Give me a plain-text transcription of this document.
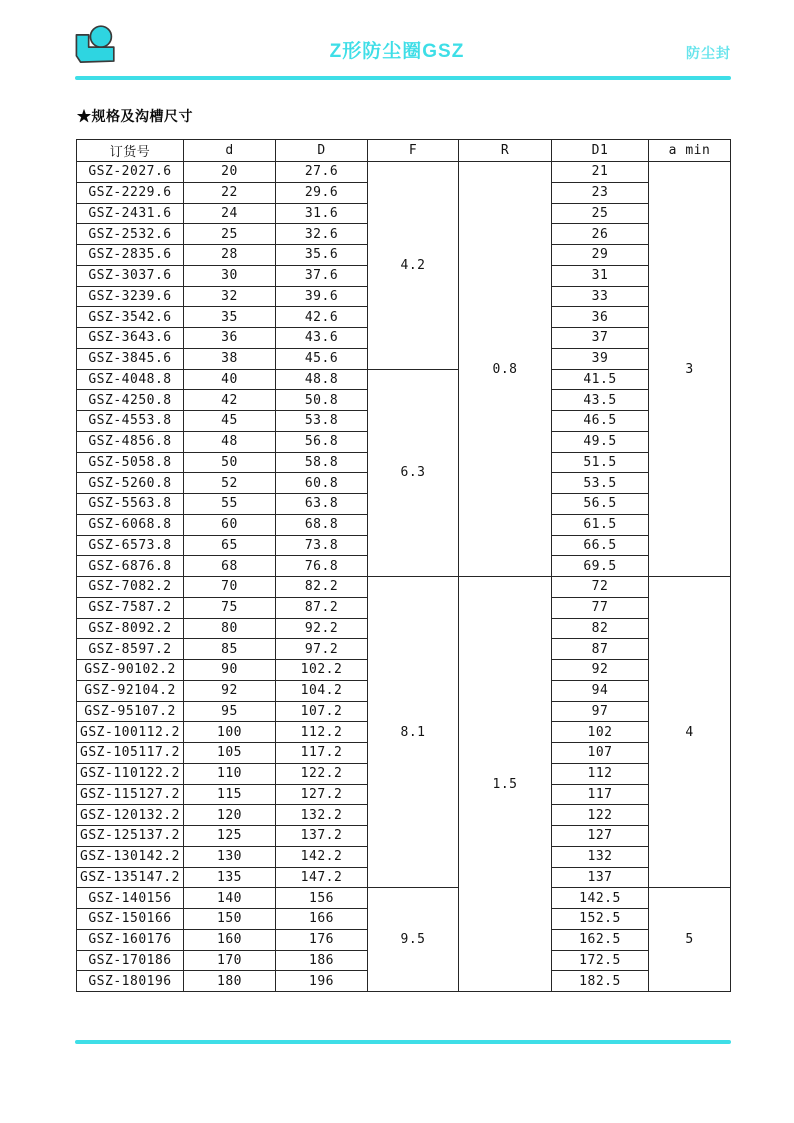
Z形防尘圈GSZ	防尘封
★规格及沟槽尺寸
订货号	d	D	F	R	D1	a min
GSZ-2027.6	20	27.6	4.2	0.8	21	3
GSZ-2229.6	22	29.6			23	
GSZ-2431.6	24	31.6			25	
GSZ-2532.6	25	32.6			26	
GSZ-2835.6	28	35.6			29	
GSZ-3037.6	30	37.6			31	
GSZ-3239.6	32	39.6			33	
GSZ-3542.6	35	42.6			36	
GSZ-3643.6	36	43.6			37	
GSZ-3845.6	38	45.6			39	
GSZ-4048.8	40	48.8	6.3		41.5	
GSZ-4250.8	42	50.8			43.5	
GSZ-4553.8	45	53.8			46.5	
GSZ-4856.8	48	56.8			49.5	
GSZ-5058.8	50	58.8			51.5	
GSZ-5260.8	52	60.8			53.5	
GSZ-5563.8	55	63.8			56.5	
GSZ-6068.8	60	68.8			61.5	
GSZ-6573.8	65	73.8			66.5	
GSZ-6876.8	68	76.8			69.5	
GSZ-7082.2	70	82.2	8.1	1.5	72	4
GSZ-7587.2	75	87.2			77	
GSZ-8092.2	80	92.2			82	
GSZ-8597.2	85	97.2			87	
GSZ-90102.2	90	102.2			92	
GSZ-92104.2	92	104.2			94	
GSZ-95107.2	95	107.2			97	
GSZ-100112.2	100	112.2			102	
GSZ-105117.2	105	117.2			107	
GSZ-110122.2	110	122.2			112	
GSZ-115127.2	115	127.2			117	
GSZ-120132.2	120	132.2			122	
GSZ-125137.2	125	137.2			127	
GSZ-130142.2	130	142.2			132	
GSZ-135147.2	135	147.2			137	
GSZ-140156	140	156	9.5		142.5	5
GSZ-150166	150	166			152.5	
GSZ-160176	160	176			162.5	
GSZ-170186	170	186			172.5	
GSZ-180196	180	196			182.5	
